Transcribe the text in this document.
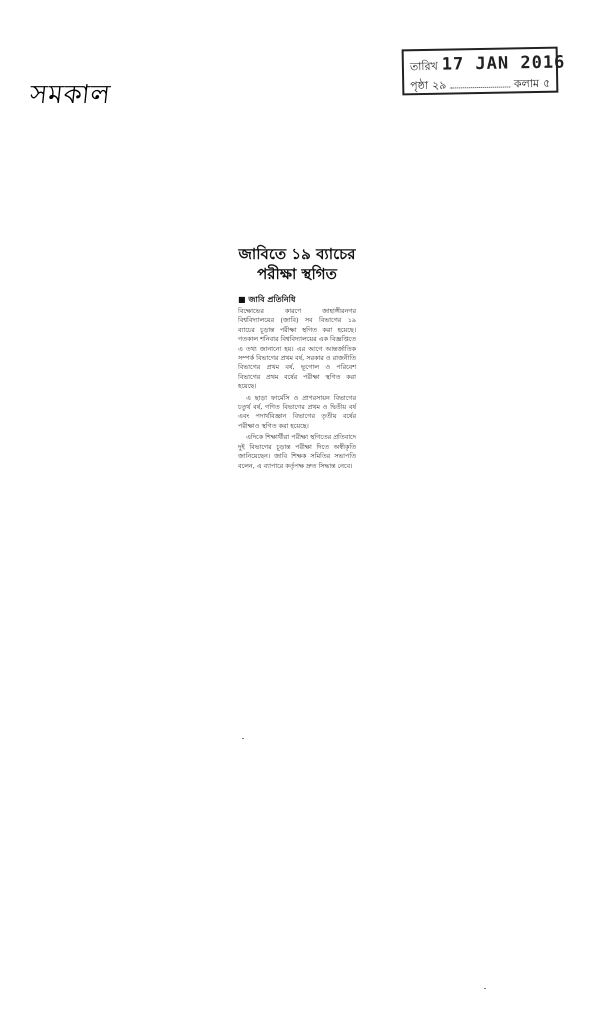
সমকাল
তারিখ 17 JAN 2016
পৃষ্ঠা ২৯	কলাম ৫
জাবিতে ১৯ ব্যাচের
পরীক্ষা স্থগিত
■ জাবি প্রতিনিধি

বিক্ষোভের কারণে জাহাঙ্গীরনগর বিশ্ববিদ্যালয়ের (জাবি) সব বিভাগের ১৯ ব্যাচের চূড়ান্ত পরীক্ষা স্থগিত করা হয়েছে। গতকাল শনিবার বিশ্ববিদ্যালয়ের এক বিজ্ঞপ্তিতে এ তথ্য জানানো হয়। এর আগে আন্তর্জাতিক সম্পর্ক বিভাগের প্রথম বর্ষ, সরকার ও রাজনীতি বিভাগের প্রথম বর্ষ, ভূগোল ও পরিবেশ বিভাগের প্রথম বর্ষের পরীক্ষা স্থগিত করা হয়েছে।

এ ছাড়া ফার্মেসি ও প্রাণরসায়ন বিভাগের চতুর্থ বর্ষ, গণিত বিভাগের প্রথম ও দ্বিতীয় বর্ষ এবং পদার্থবিজ্ঞান বিভাগের তৃতীয় বর্ষের পরীক্ষাও স্থগিত করা হয়েছে।

এদিকে শিক্ষার্থীরা পরীক্ষা স্থগিতের প্রতিবাদে দুই বিভাগের চূড়ান্ত পরীক্ষা দিতে অস্বীকৃতি জানিয়েছেন। জাবি শিক্ষক সমিতির সভাপতি বলেন, এ ব্যাপারে কর্তৃপক্ষ দ্রুত সিদ্ধান্ত নেবে।
